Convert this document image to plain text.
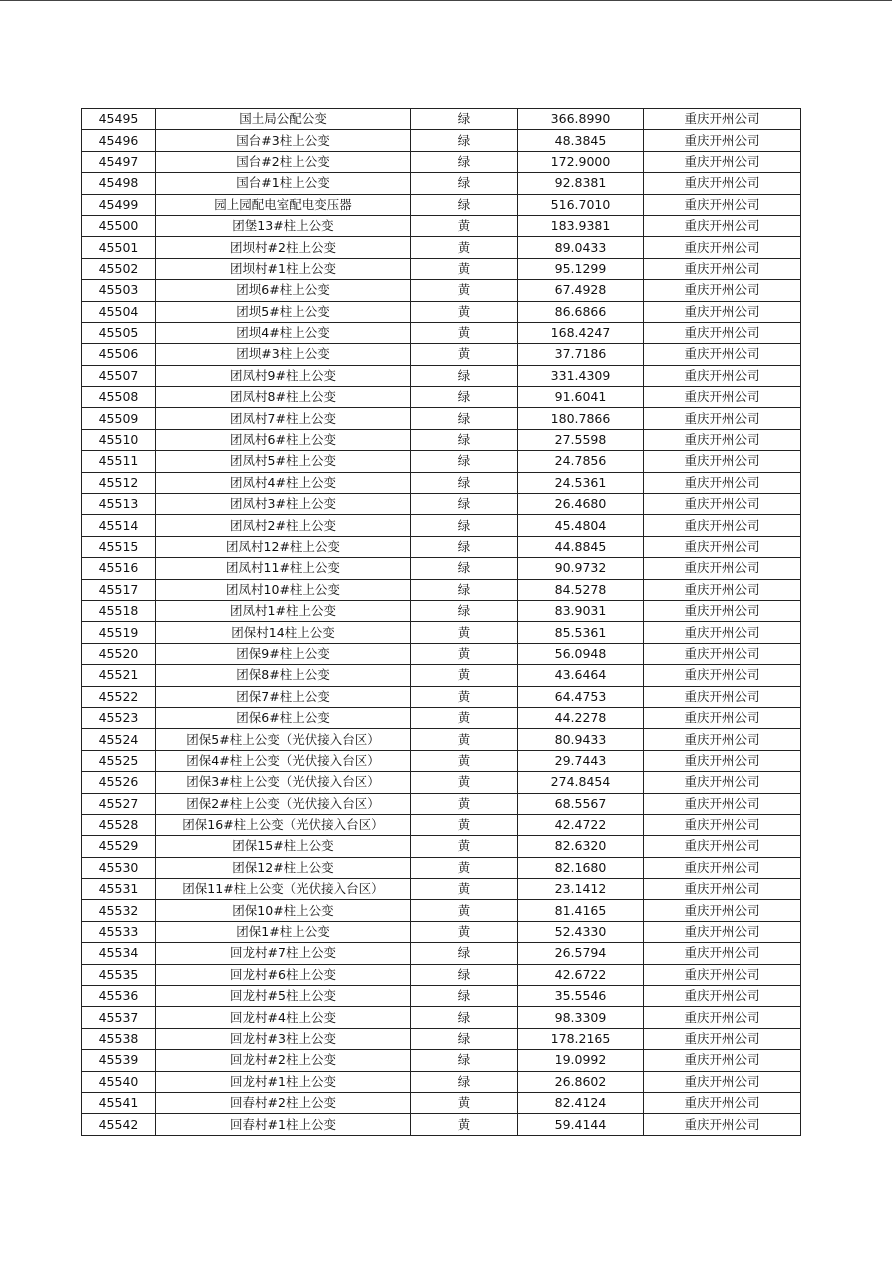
45495	国土局公配公变	绿	366.8990	重庆开州公司
45496	国台#3柱上公变	绿	48.3845	重庆开州公司
45497	国台#2柱上公变	绿	172.9000	重庆开州公司
45498	国台#1柱上公变	绿	92.8381	重庆开州公司
45499	园上园配电室配电变压器	绿	516.7010	重庆开州公司
45500	团堡13#柱上公变	黄	183.9381	重庆开州公司
45501	团坝村#2柱上公变	黄	89.0433	重庆开州公司
45502	团坝村#1柱上公变	黄	95.1299	重庆开州公司
45503	团坝6#柱上公变	黄	67.4928	重庆开州公司
45504	团坝5#柱上公变	黄	86.6866	重庆开州公司
45505	团坝4#柱上公变	黄	168.4247	重庆开州公司
45506	团坝#3柱上公变	黄	37.7186	重庆开州公司
45507	团凤村9#柱上公变	绿	331.4309	重庆开州公司
45508	团凤村8#柱上公变	绿	91.6041	重庆开州公司
45509	团凤村7#柱上公变	绿	180.7866	重庆开州公司
45510	团凤村6#柱上公变	绿	27.5598	重庆开州公司
45511	团凤村5#柱上公变	绿	24.7856	重庆开州公司
45512	团凤村4#柱上公变	绿	24.5361	重庆开州公司
45513	团凤村3#柱上公变	绿	26.4680	重庆开州公司
45514	团凤村2#柱上公变	绿	45.4804	重庆开州公司
45515	团凤村12#柱上公变	绿	44.8845	重庆开州公司
45516	团凤村11#柱上公变	绿	90.9732	重庆开州公司
45517	团凤村10#柱上公变	绿	84.5278	重庆开州公司
45518	团凤村1#柱上公变	绿	83.9031	重庆开州公司
45519	团保村14柱上公变	黄	85.5361	重庆开州公司
45520	团保9#柱上公变	黄	56.0948	重庆开州公司
45521	团保8#柱上公变	黄	43.6464	重庆开州公司
45522	团保7#柱上公变	黄	64.4753	重庆开州公司
45523	团保6#柱上公变	黄	44.2278	重庆开州公司
45524	团保5#柱上公变（光伏接入台区）	黄	80.9433	重庆开州公司
45525	团保4#柱上公变（光伏接入台区）	黄	29.7443	重庆开州公司
45526	团保3#柱上公变（光伏接入台区）	黄	274.8454	重庆开州公司
45527	团保2#柱上公变（光伏接入台区）	黄	68.5567	重庆开州公司
45528	团保16#柱上公变（光伏接入台区）	黄	42.4722	重庆开州公司
45529	团保15#柱上公变	黄	82.6320	重庆开州公司
45530	团保12#柱上公变	黄	82.1680	重庆开州公司
45531	团保11#柱上公变（光伏接入台区）	黄	23.1412	重庆开州公司
45532	团保10#柱上公变	黄	81.4165	重庆开州公司
45533	团保1#柱上公变	黄	52.4330	重庆开州公司
45534	回龙村#7柱上公变	绿	26.5794	重庆开州公司
45535	回龙村#6柱上公变	绿	42.6722	重庆开州公司
45536	回龙村#5柱上公变	绿	35.5546	重庆开州公司
45537	回龙村#4柱上公变	绿	98.3309	重庆开州公司
45538	回龙村#3柱上公变	绿	178.2165	重庆开州公司
45539	回龙村#2柱上公变	绿	19.0992	重庆开州公司
45540	回龙村#1柱上公变	绿	26.8602	重庆开州公司
45541	回春村#2柱上公变	黄	82.4124	重庆开州公司
45542	回春村#1柱上公变	黄	59.4144	重庆开州公司
